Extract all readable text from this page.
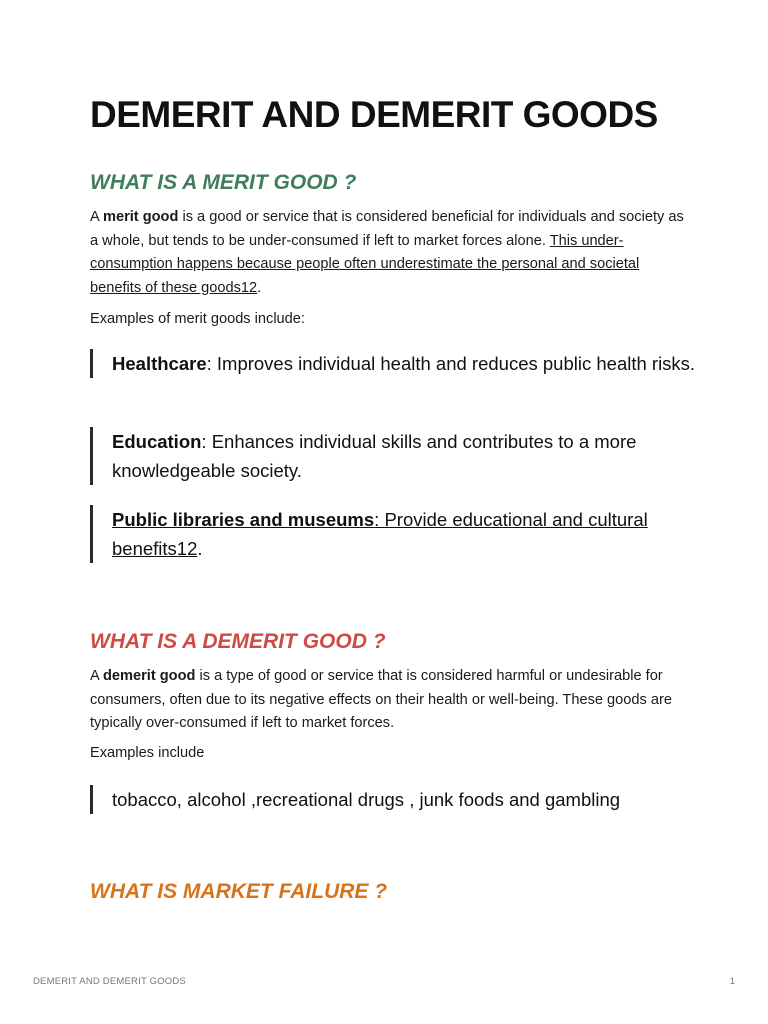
DEMERIT AND DEMERIT GOODS
WHAT IS A MERIT GOOD ?

A merit good is a good or service that is considered beneficial for individuals and society as a whole, but tends to be under-consumed if left to market forces alone. This under-consumption happens because people often underestimate the personal and societal benefits of these goods12.

Examples of merit goods include:

Healthcare: Improves individual health and reduces public health risks.
Education: Enhances individual skills and contributes to a more knowledgeable society.
Public libraries and museums: Provide educational and cultural benefits12.
WHAT IS A DEMERIT GOOD ?

A demerit good is a type of good or service that is considered harmful or undesirable for consumers, often due to its negative effects on their health or well-being. These goods are typically over-consumed if left to market forces.

Examples include

tobacco, alcohol ,recreational drugs , junk foods and gambling
WHAT IS MARKET FAILURE ?
DEMERIT AND DEMERIT GOODS	1
